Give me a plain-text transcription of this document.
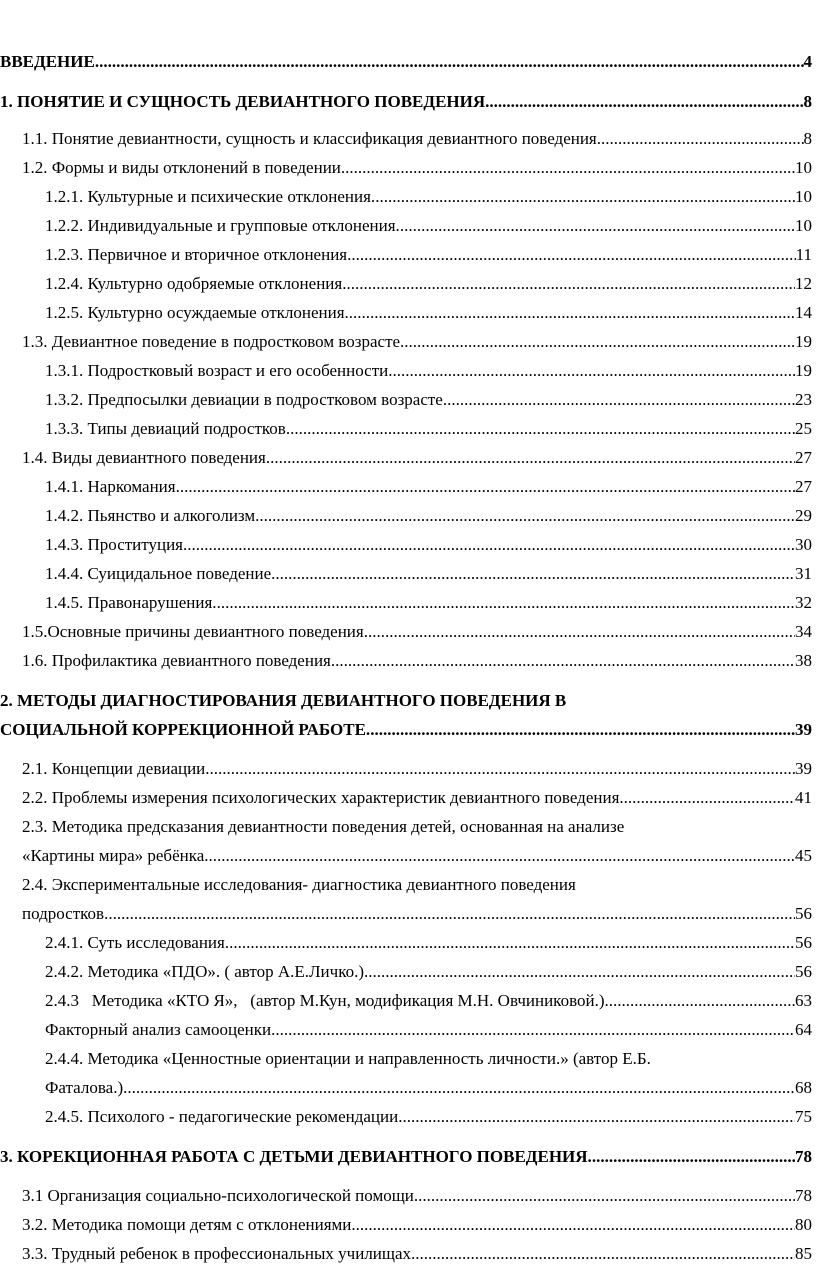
ВВЕДЕНИЕ. .....	4
1. ПОНЯТИЕ И СУЩНОСТЬ ДЕВИАНТНОГО ПОВЕДЕНИЯ. .....	8
1.1. Понятие девиантности, сущность и классификация девиантного поведения. .....	8
1.2. Формы и виды отклонений в поведении. .....	10
1.2.1. Культурные и психические отклонения. .....	10
1.2.2. Индивидуальные и групповые отклонения. .....	10
1.2.3. Первичное и вторичное отклонения. .....	11
1.2.4. Культурно одобряемые отклонения .....	12
1.2.5. Культурно осуждаемые отклонения. .....	14
1.3. Девиантное поведение в подростковом возрасте. .....	19
1.3.1. Подростковый возраст и его особенности .....	19
1.3.2. Предпосылки девиации в подростковом возрасте .....	23
1.3.3. Типы девиаций подростков .....	25
1.4. Виды девиантного поведения. .....	27
1.4.1. Наркомания. .....	27
1.4.2. Пьянство и алкоголизм. .....	29
1.4.3. Проституция. .....	30
1.4.4. Суицидальное поведение. .....	31
1.4.5. Правонарушения. .....	32
1.5.Основные причины девиантного поведения. .....	34
1.6. Профилактика девиантного поведения .....	38
2. МЕТОДЫ ДИАГНОСТИРОВАНИЯ ДЕВИАНТНОГО ПОВЕДЕНИЯ В
СОЦИАЛЬНОЙ КОРРЕКЦИОННОЙ РАБОТЕ. .....	39
2.1. Концепции девиации. .....	39
2.2. Проблемы измерения психологических характеристик девиантного поведения. .....	41
2.3. Методика предсказания девиантности поведения детей, основанная на анализе
«Картины мира» ребёнка. .....	45
2.4. Экспериментальные исследования- диагностика девиантного поведения
подростков. .....	56
2.4.1. Суть исследования. .....	56
2.4.2. Методика «ПДО». ( автор А.Е.Личко.). .....	56
2.4.3   Методика «КТО Я»,   (автор М.Кун, модификация М.Н. Овчиниковой.) .....	63
Факторный анализ самооценки. .....	64
2.4.4. Методика «Ценностные ориентации и направленность личности.» (автор Е.Б.
Фаталова.). .....	68
2.4.5. Психолого - педагогические рекомендации. .....	75
3. КОРЕКЦИОННАЯ РАБОТА С ДЕТЬМИ ДЕВИАНТНОГО ПОВЕДЕНИЯ. .....	78
3.1 Организация социально-психологической помощи. .....	78
3.2. Методика помощи детям с отклонениями .....	80
3.3. Трудный ребенок в профессиональных училищах .....	85
